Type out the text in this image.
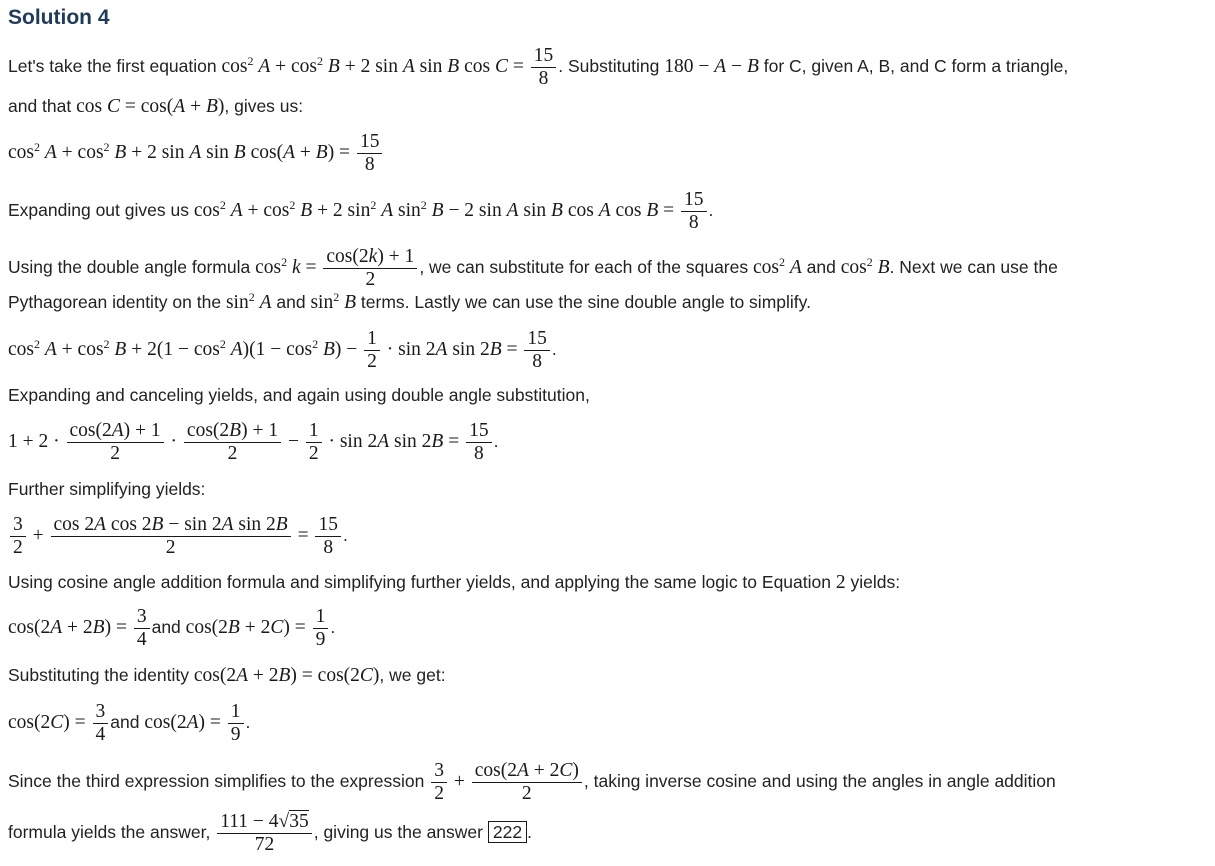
Solution 4
Let's take the first equation $\cos^2 A + \cos^2 B + 2$ sin A sin B $\cos C = \frac{15}{8}$ . Substituting 180 − A − B for C, given A, B, and C form a triangle,
and that cos C = cos(A + B), gives us:
$\cos^2 A + \cos^2 B + 2$ sin A sin B $\cos(A + B) = \frac{15}{8}$
Expanding out gives us $\cos^2 A + \cos^2 B + 2$ $\sin^2 A$ $\sin^2 B - 2$ sin A sin B cos A $\cos B = \frac{15}{8}$ .
Using the double angle formula $\cos^2 k = \frac{\cos(2k) + 1}{2}$ , we can substitute for each of the squares $\cos^2 A$ and $\cos^2 B$. Next we can use the
Pythagorean identity on the $\sin^2 A$ and $\sin^2 B$ terms. Lastly we can use the sine double angle to simplify.
$\cos^2 A + \cos^2 B + 2(1 - \cos^2 A)(1 - \cos^2 B) - \frac{1}{2} \cdot \sin 2A$ $\sin 2B = \frac{15}{8}$ .
Expanding and canceling yields, and again using double angle substitution,
$1 + 2 \cdot \frac{\cos(2A) + 1}{2} \cdot \frac{\cos(2B) + 1}{2} - \frac{1}{2} \cdot \sin 2A$ $\sin 2B = \frac{15}{8}$ .
Further simplifying yields:
$\frac{3}{2} + \frac{\text{cos 2A cos 2B − sin 2A sin 2B}}{2} = \frac{15}{8}$ .
Using cosine angle addition formula and simplifying further yields, and applying the same logic to Equation 2 yields:
$\cos(2A + 2B) = \frac{3}{4}$ and $\cos(2B + 2C) = \frac{1}{9}$ .
Substituting the identity cos(2A + 2B) = cos(2C), we get:
$\cos(2C) = \frac{3}{4}$ and $\cos(2A) = \frac{1}{9}$ .
Since the third expression simplifies to the expression $\frac{3}{2} + \frac{\cos(2A + 2C)}{2}$ , taking inverse cosine and using the angles in angle addition
formula yields the answer, $\frac{111 - 4√35}{72}$ , giving us the answer 222 .
